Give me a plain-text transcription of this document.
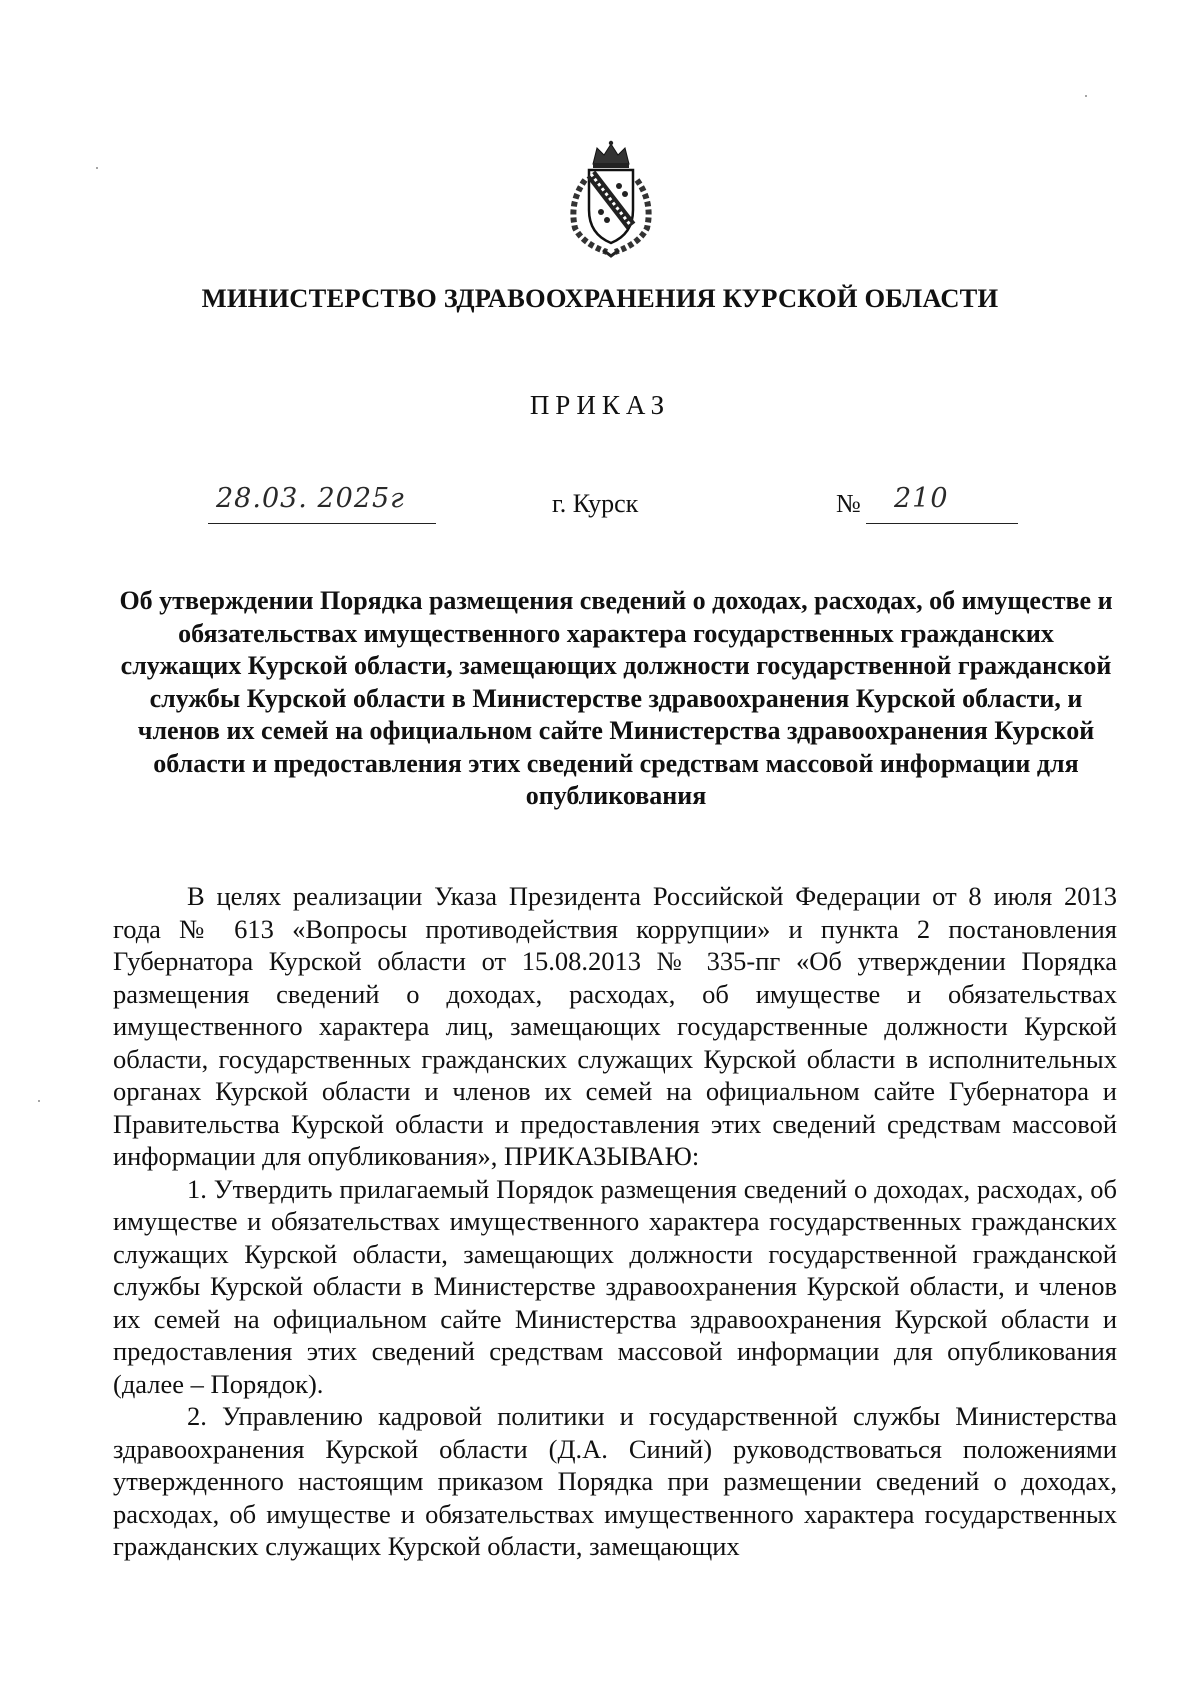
МИНИСТЕРСТВО ЗДРАВООХРАНЕНИЯ КУРСКОЙ ОБЛАСТИ
ПРИКАЗ
28.03. 2025г	г. Курск	№ 210
Об утверждении Порядка размещения сведений о доходах, расходах, об имуществе и обязательствах имущественного характера государственных гражданских служащих Курской области, замещающих должности государственной гражданской службы Курской области в Министерстве здравоохранения Курской области, и членов их семей на официальном сайте Министерства здравоохранения Курской области и предоставления этих сведений средствам массовой информации для опубликования

В целях реализации Указа Президента Российской Федерации от 8 июля 2013 года № 613 «Вопросы противодействия коррупции» и пункта 2 постановления Губернатора Курской области от 15.08.2013 № 335-пг «Об утверждении Порядка размещения сведений о доходах, расходах, об имуществе и обязательствах имущественного характера лиц, замещающих государственные должности Курской области, государственных гражданских служащих Курской области в исполнительных органах Курской области и членов их семей на официальном сайте Губернатора и Правительства Курской области и предоставления этих сведений средствам массовой информации для опубликования», ПРИКАЗЫВАЮ:

1. Утвердить прилагаемый Порядок размещения сведений о доходах, расходах, об имуществе и обязательствах имущественного характера государственных гражданских служащих Курской области, замещающих должности государственной гражданской службы Курской области в Министерстве здравоохранения Курской области, и членов их семей на официальном сайте Министерства здравоохранения Курской области и предоставления этих сведений средствам массовой информации для опубликования (далее – Порядок).

2. Управлению кадровой политики и государственной службы Министерства здравоохранения Курской области (Д.А. Синий) руководствоваться положениями утвержденного настоящим приказом Порядка при размещении сведений о доходах, расходах, об имуществе и обязательствах имущественного характера государственных гражданских служащих Курской области, замещающих
